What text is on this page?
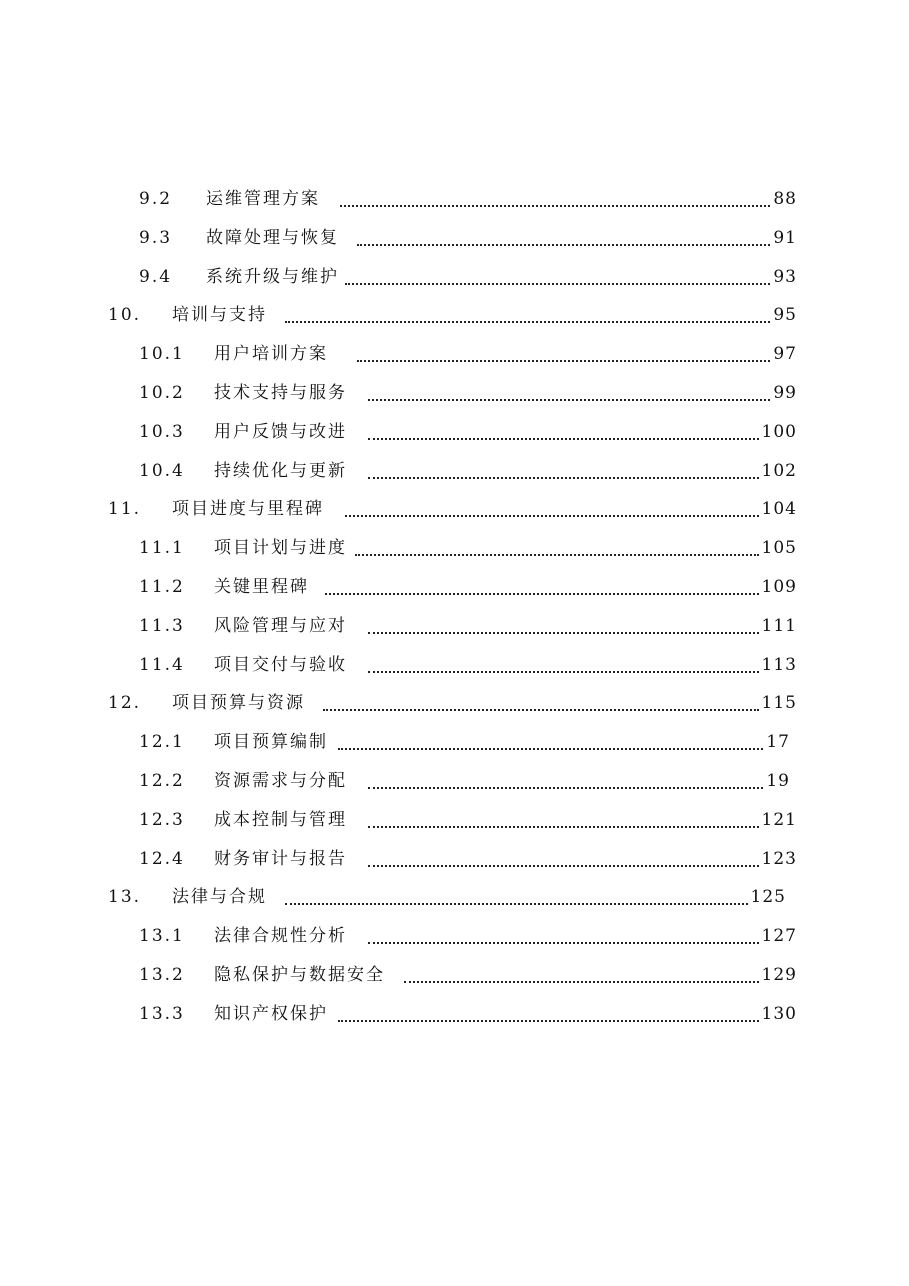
9.2 运维管理方案	88
9.3 故障处理与恢复	91
9.4 系统升级与维护	93
10. 培训与支持	95
10.1 用户培训方案	97
10.2 技术支持与服务	99
10.3 用户反馈与改进	100
10.4 持续优化与更新	102
11. 项目进度与里程碑	104
11.1 项目计划与进度	105
11.2 关键里程碑	109
11.3 风险管理与应对	111
11.4 项目交付与验收	113
12. 项目预算与资源	115
12.1 项目预算编制	17
12.2 资源需求与分配	19
12.3 成本控制与管理	121
12.4 财务审计与报告	123
13. 法律与合规	125
13.1 法律合规性分析	127
13.2 隐私保护与数据安全	129
13.3 知识产权保护	130
